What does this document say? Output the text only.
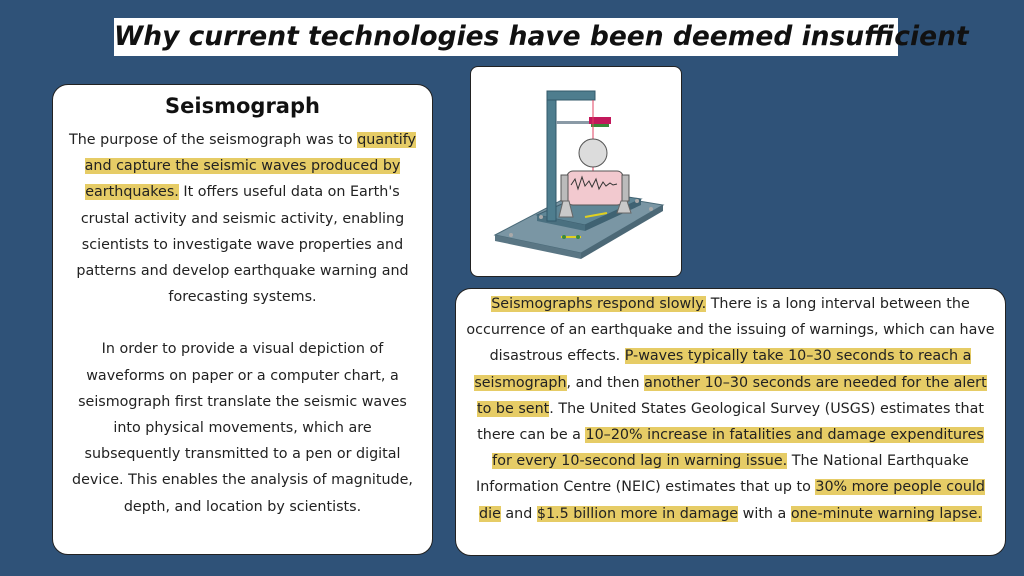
Why current technologies have been deemed insufficient
Seismograph

The purpose of the seismograph was to quantify and capture the seismic waves produced by earthquakes. It offers useful data on Earth's crustal activity and seismic activity, enabling scientists to investigate wave properties and patterns and develop earthquake warning and forecasting systems.

In order to provide a visual depiction of waveforms on paper or a computer chart, a seismograph first translate the seismic waves into physical movements, which are subsequently transmitted to a pen or digital device. This enables the analysis of magnitude, depth, and location by scientists.

Seismographs respond slowly. There is a long interval between the occurrence of an earthquake and the issuing of warnings, which can have disastrous effects. P-waves typically take 10–30 seconds to reach a seismograph, and then another 10–30 seconds are needed for the alert to be sent. The United States Geological Survey (USGS) estimates that there can be a 10–20% increase in fatalities and damage expenditures for every 10-second lag in warning issue. The National Earthquake Information Centre (NEIC) estimates that up to 30% more people could die and $1.5 billion more in damage with a one-minute warning lapse.
